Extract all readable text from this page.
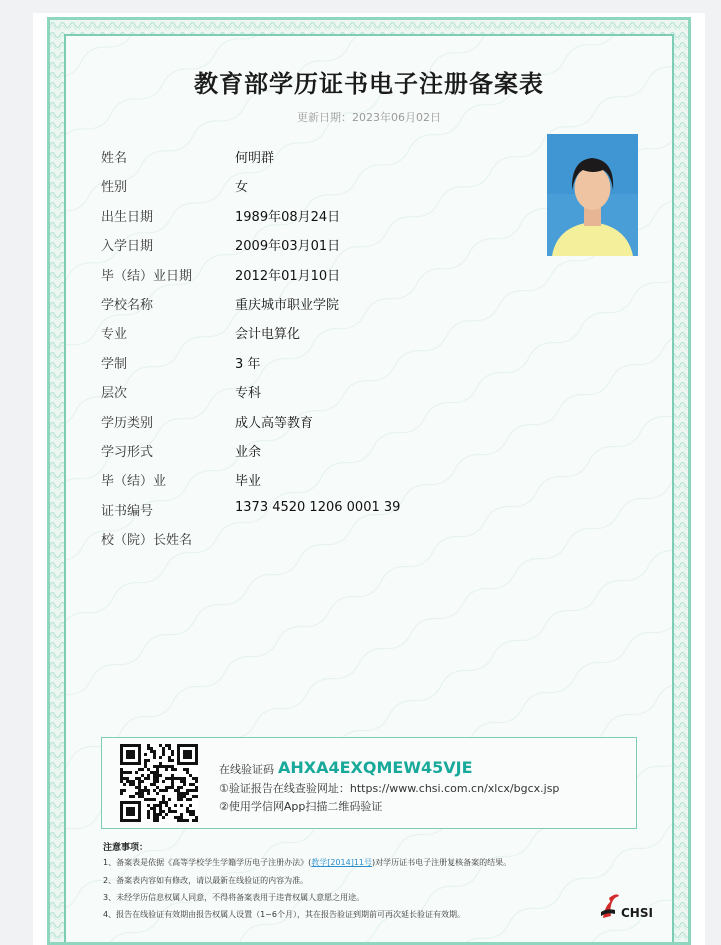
教育部学历证书电子注册备案表
更新日期：2023年06月02日
姓名	何明群
性别	女
出生日期	1989年08月24日
入学日期	2009年03月01日
毕（结）业日期	2012年01月10日
学校名称	重庆城市职业学院
专业	会计电算化
学制	3 年
层次	专科
学历类别	成人高等教育
学习形式	业余
毕（结）业	毕业
证书编号	1373 4520 1206 0001 39
校（院）长姓名
在线验证码 AHXA4EXQMEW45VJE
①验证报告在线查验网址：https://www.chsi.com.cn/xlcx/bgcx.jsp
②使用学信网App扫描二维码验证
注意事项：
1、备案表是依据《高等学校学生学籍学历电子注册办法》(教学[2014]11号)对学历证书电子注册复核备案的结果。
2、备案表内容如有修改，请以最新在线验证的内容为准。
3、未经学历信息权属人同意，不得将备案表用于违背权属人意愿之用途。
4、报告在线验证有效期由报告权属人设置（1~6个月），其在报告验证到期前可再次延长验证有效期。	CHSI
